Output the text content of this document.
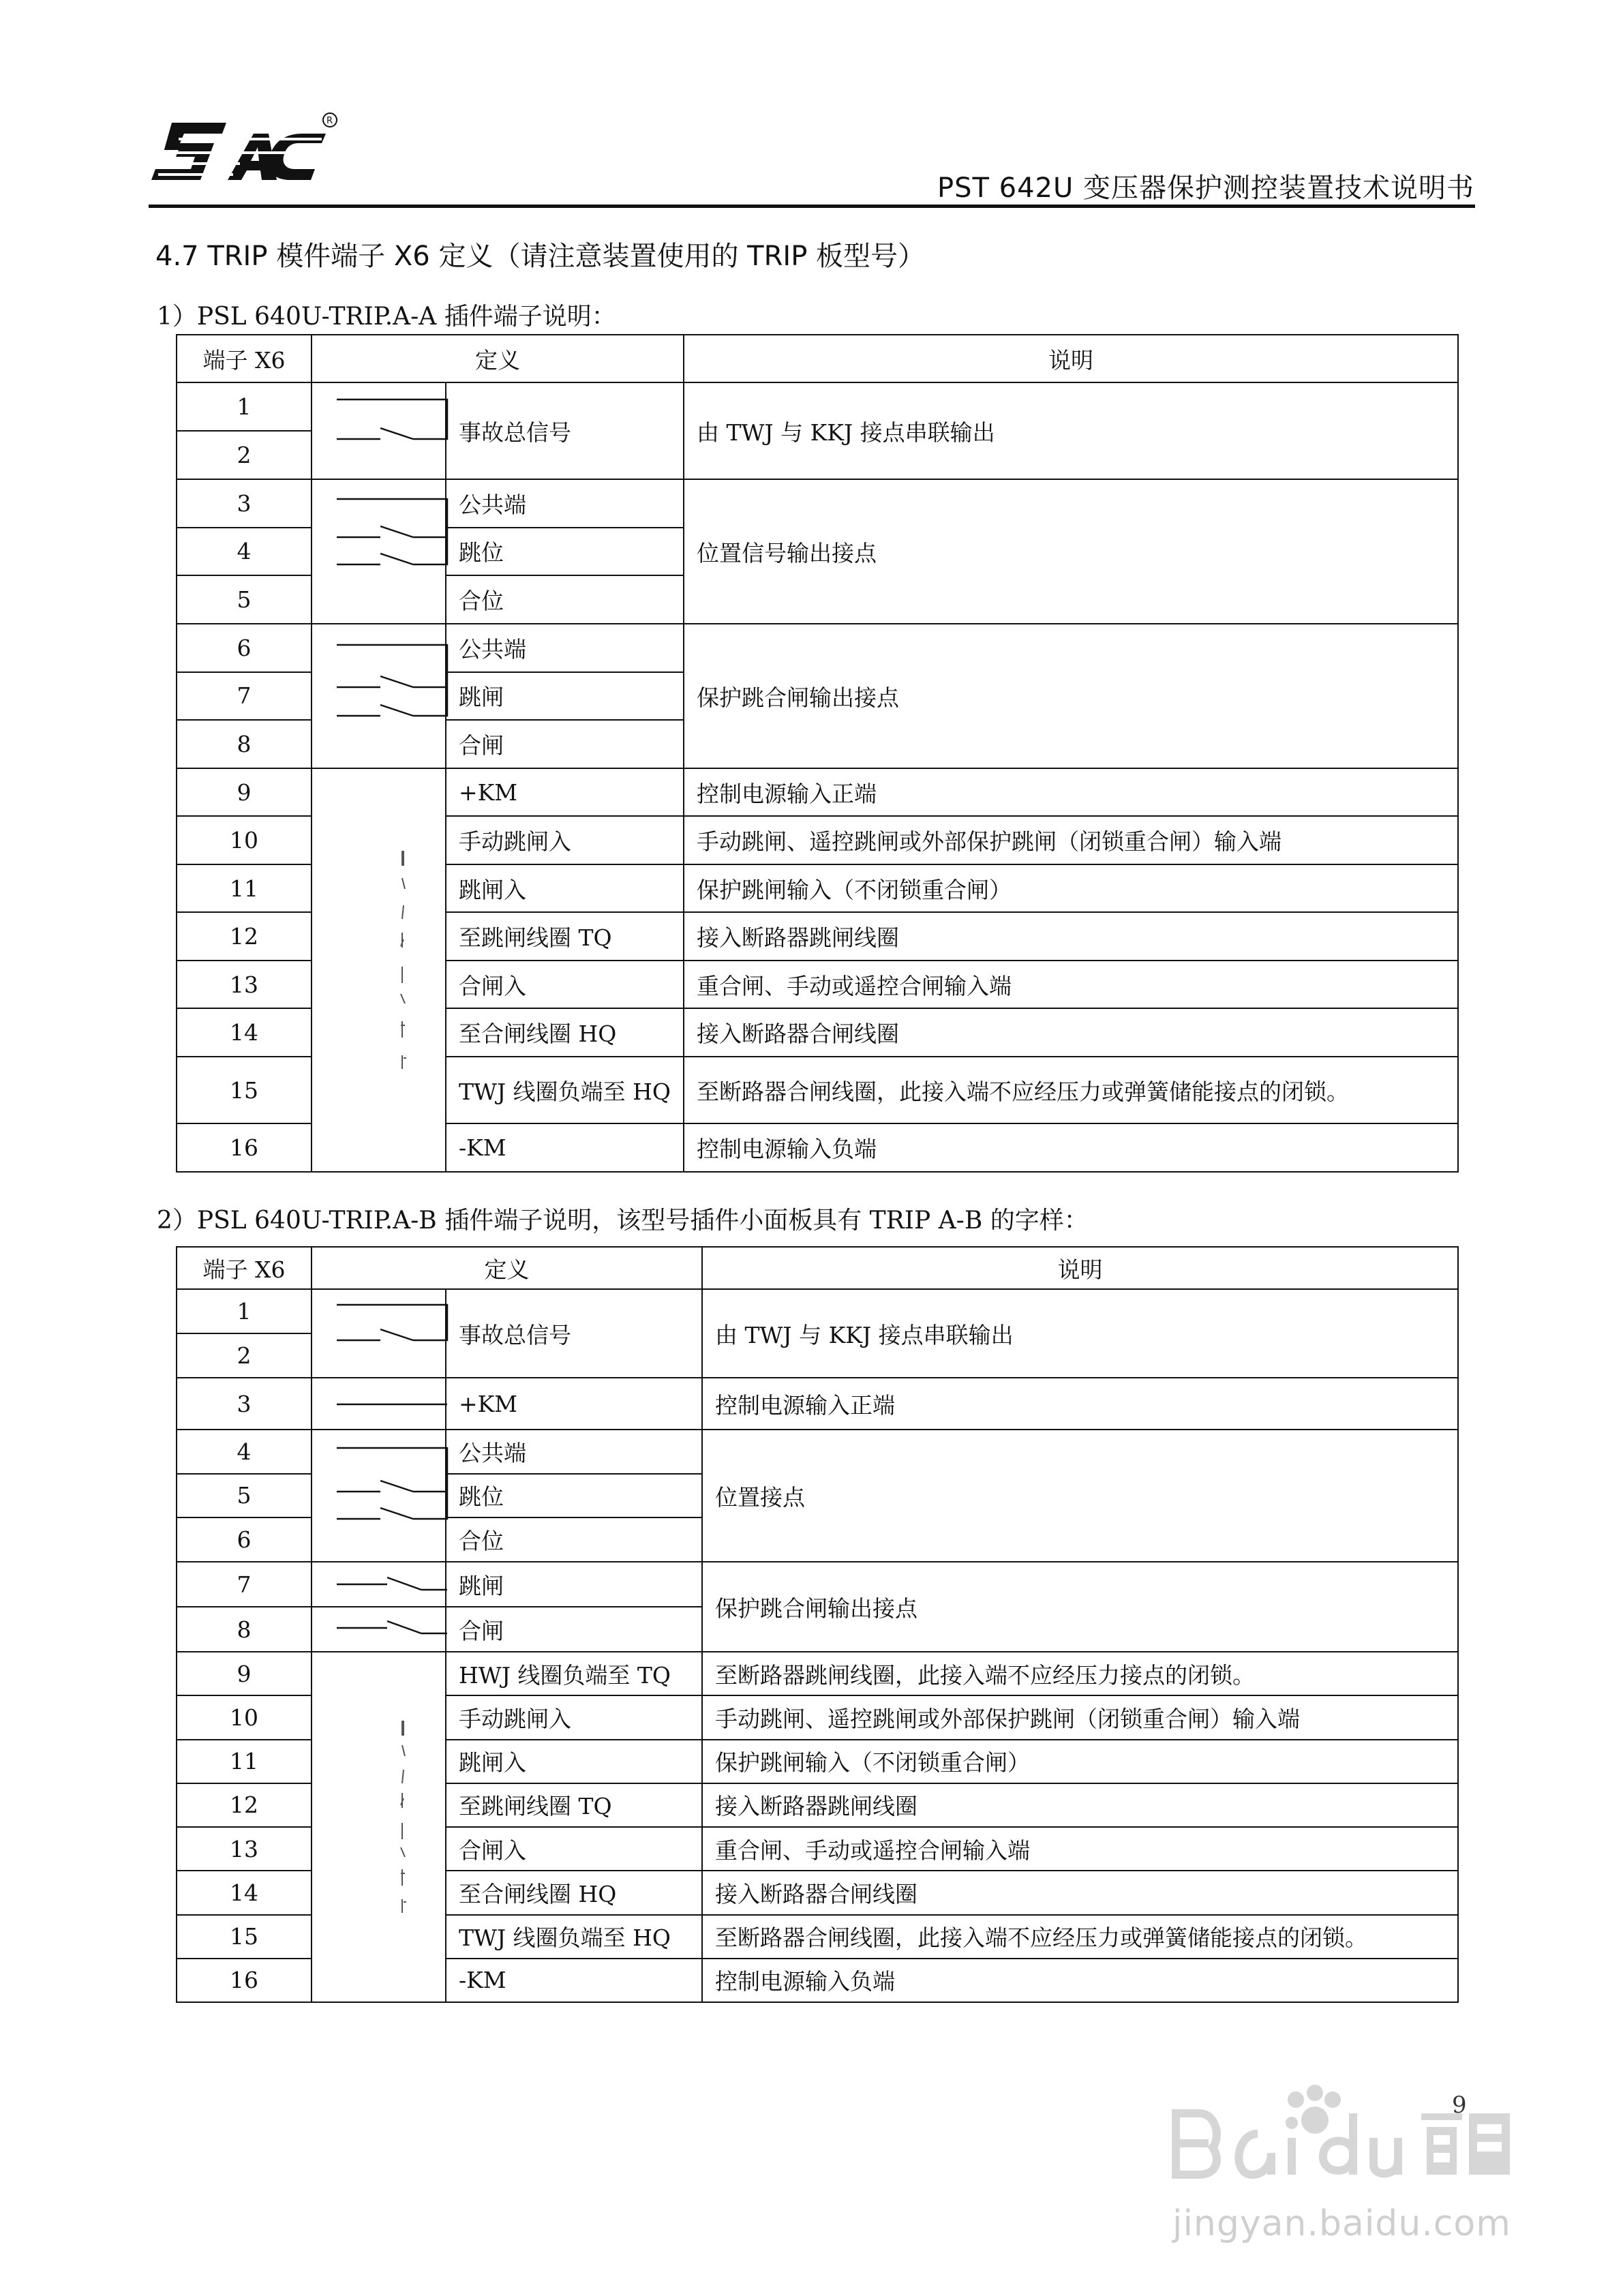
R
PST 642U 变压器保护测控装置技术说明书
4.7 TRIP 模件端子 X6 定义（请注意装置使用的 TRIP 板型号）
1）PSL 640U-TRIP.A-A 插件端子说明：
端子 X6	定义		说明
1		事故总信号	由 TWJ 与 KKJ 接点串联输出
2			
3		公共端	位置信号输出接点
4		跳位	
5		合位	
6		公共端	保护跳合闸输出接点
7		跳闸	
8		合闸	
9		+KM	控制电源输入正端
10		手动跳闸入	手动跳闸、遥控跳闸或外部保护跳闸（闭锁重合闸）输入端
11		跳闸入	保护跳闸输入（不闭锁重合闸）
12		至跳闸线圈 TQ	接入断路器跳闸线圈
13		合闸入	重合闸、手动或遥控合闸输入端
14		至合闸线圈 HQ	接入断路器合闸线圈
15		TWJ 线圈负端至 HQ	至断路器合闸线圈，此接入端不应经压力或弹簧储能接点的闭锁。
16		-KM	控制电源输入负端
2）PSL 640U-TRIP.A-B 插件端子说明，该型号插件小面板具有 TRIP A-B 的字样：
端子 X6	定义		说明
1		事故总信号	由 TWJ 与 KKJ 接点串联输出
2			
3		+KM	控制电源输入正端
4		公共端	位置接点
5		跳位	
6		合位	
7		跳闸	保护跳合闸输出接点
8		合闸	
9		HWJ 线圈负端至 TQ	至断路器跳闸线圈，此接入端不应经压力接点的闭锁。
10		手动跳闸入	手动跳闸、遥控跳闸或外部保护跳闸（闭锁重合闸）输入端
11		跳闸入	保护跳闸输入（不闭锁重合闸）
12		至跳闸线圈 TQ	接入断路器跳闸线圈
13		合闸入	重合闸、手动或遥控合闸输入端
14		至合闸线圈 HQ	接入断路器合闸线圈
15		TWJ 线圈负端至 HQ	至断路器合闸线圈，此接入端不应经压力或弹簧储能接点的闭锁。
16		-KM	控制电源输入负端
9
jingyan.baidu.com
